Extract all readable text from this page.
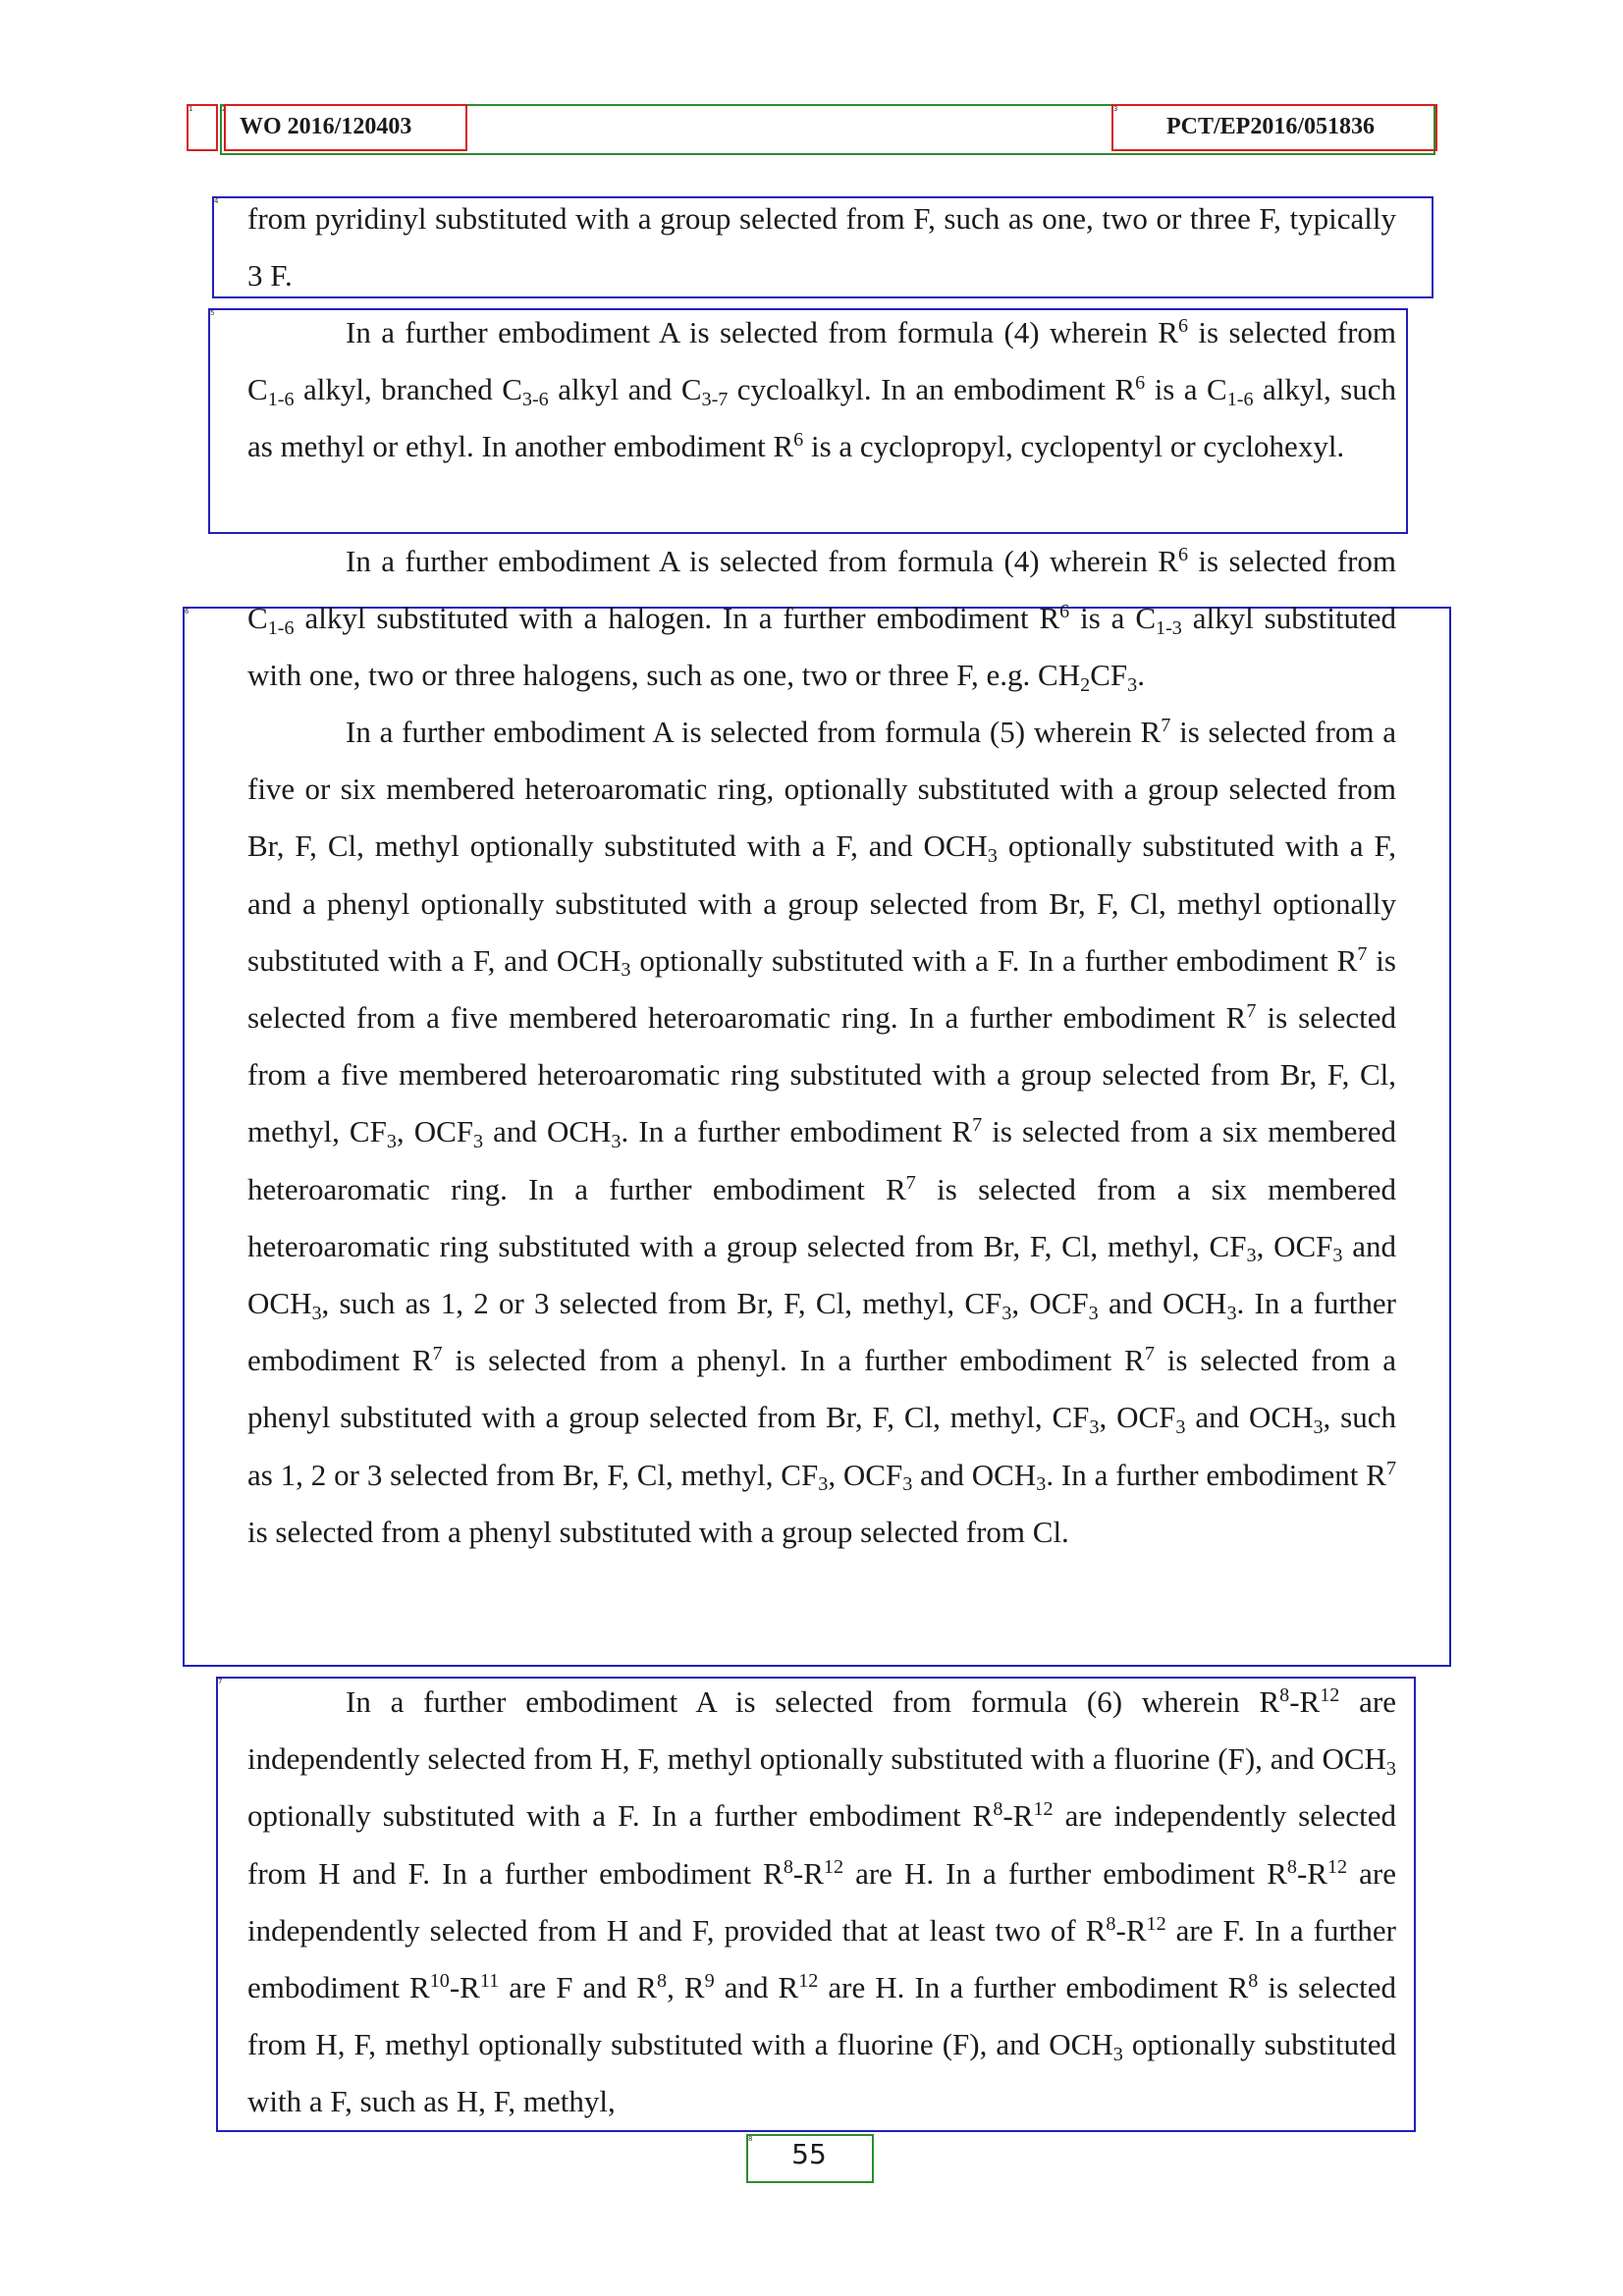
1	2
WO 2016/120403
3
PCT/EP2016/051836
4
5
6
7
8

from pyridinyl substituted with a group selected from F, such as one, two or three F, typically 3 F.

In a further embodiment A is selected from formula (4) wherein $R^6$ is selected from $C_{1-6}$ alkyl, branched $C_{3-6}$ alkyl and $C_{3-7}$ cycloalkyl. In an embodiment $R^6$ is a $C_{1-6}$ alkyl, such as methyl or ethyl. In another embodiment $R^6$ is a cyclopropyl, cyclopentyl or cyclohexyl.

In a further embodiment A is selected from formula (4) wherein $R^6$ is selected from $C_{1-6}$ alkyl substituted with a halogen. In a further embodiment $R^6$ is a $C_{1-3}$ alkyl substituted with one, two or three halogens, such as one, two or three F, e.g. $CH_2CF_3$.

In a further embodiment A is selected from formula (5) wherein $R^7$ is selected from a five or six membered heteroaromatic ring, optionally substituted with a group selected from Br, F, Cl, methyl optionally substituted with a F, and $OCH_3$ optionally substituted with a F, and a phenyl optionally substituted with a group selected from Br, F, Cl, methyl optionally substituted with a F, and $OCH_3$ optionally substituted with a F. In a further embodiment $R^7$ is selected from a five membered heteroaromatic ring. In a further embodiment $R^7$ is selected from a five membered heteroaromatic ring substituted with a group selected from Br, F, Cl, methyl, $CF_3$, $OCF_3$ and $OCH_3$. In a further embodiment $R^7$ is selected from a six membered heteroaromatic ring. In a further embodiment $R^7$ is selected from a six membered heteroaromatic ring substituted with a group selected from Br, F, Cl, methyl, $CF_3$, $OCF_3$ and $OCH_3$, such as 1, 2 or 3 selected from Br, F, Cl, methyl, $CF_3$, $OCF_3$ and $OCH_3$. In a further embodiment $R^7$ is selected from a phenyl. In a further embodiment $R^7$ is selected from a phenyl substituted with a group selected from Br, F, Cl, methyl, $CF_3$, $OCF_3$ and $OCH_3$, such as 1, 2 or 3 selected from Br, F, Cl, methyl, $CF_3$, $OCF_3$ and $OCH_3$. In a further embodiment $R^7$ is selected from a phenyl substituted with a group selected from Cl.

In a further embodiment A is selected from formula (6) wherein $R^8-R^{12}$ are independently selected from H, F, methyl optionally substituted with a fluorine (F), and $OCH_3$ optionally substituted with a F. In a further embodiment $R^8-R^{12}$ are independently selected from H and F. In a further embodiment $R^8-R^{12}$ are H. In a further embodiment $R^8-R^{12}$ are independently selected from H and F, provided that at least two of $R^8-R^{12}$ are F. In a further embodiment $R^{10}-R^{11}$ are F and $R^8$, $R^9$ and $R^{12}$ are H. In a further embodiment $R^8$ is selected from H, F, methyl optionally substituted with a fluorine (F), and $OCH_3$ optionally substituted with a F, such as H, F, methyl,

55
